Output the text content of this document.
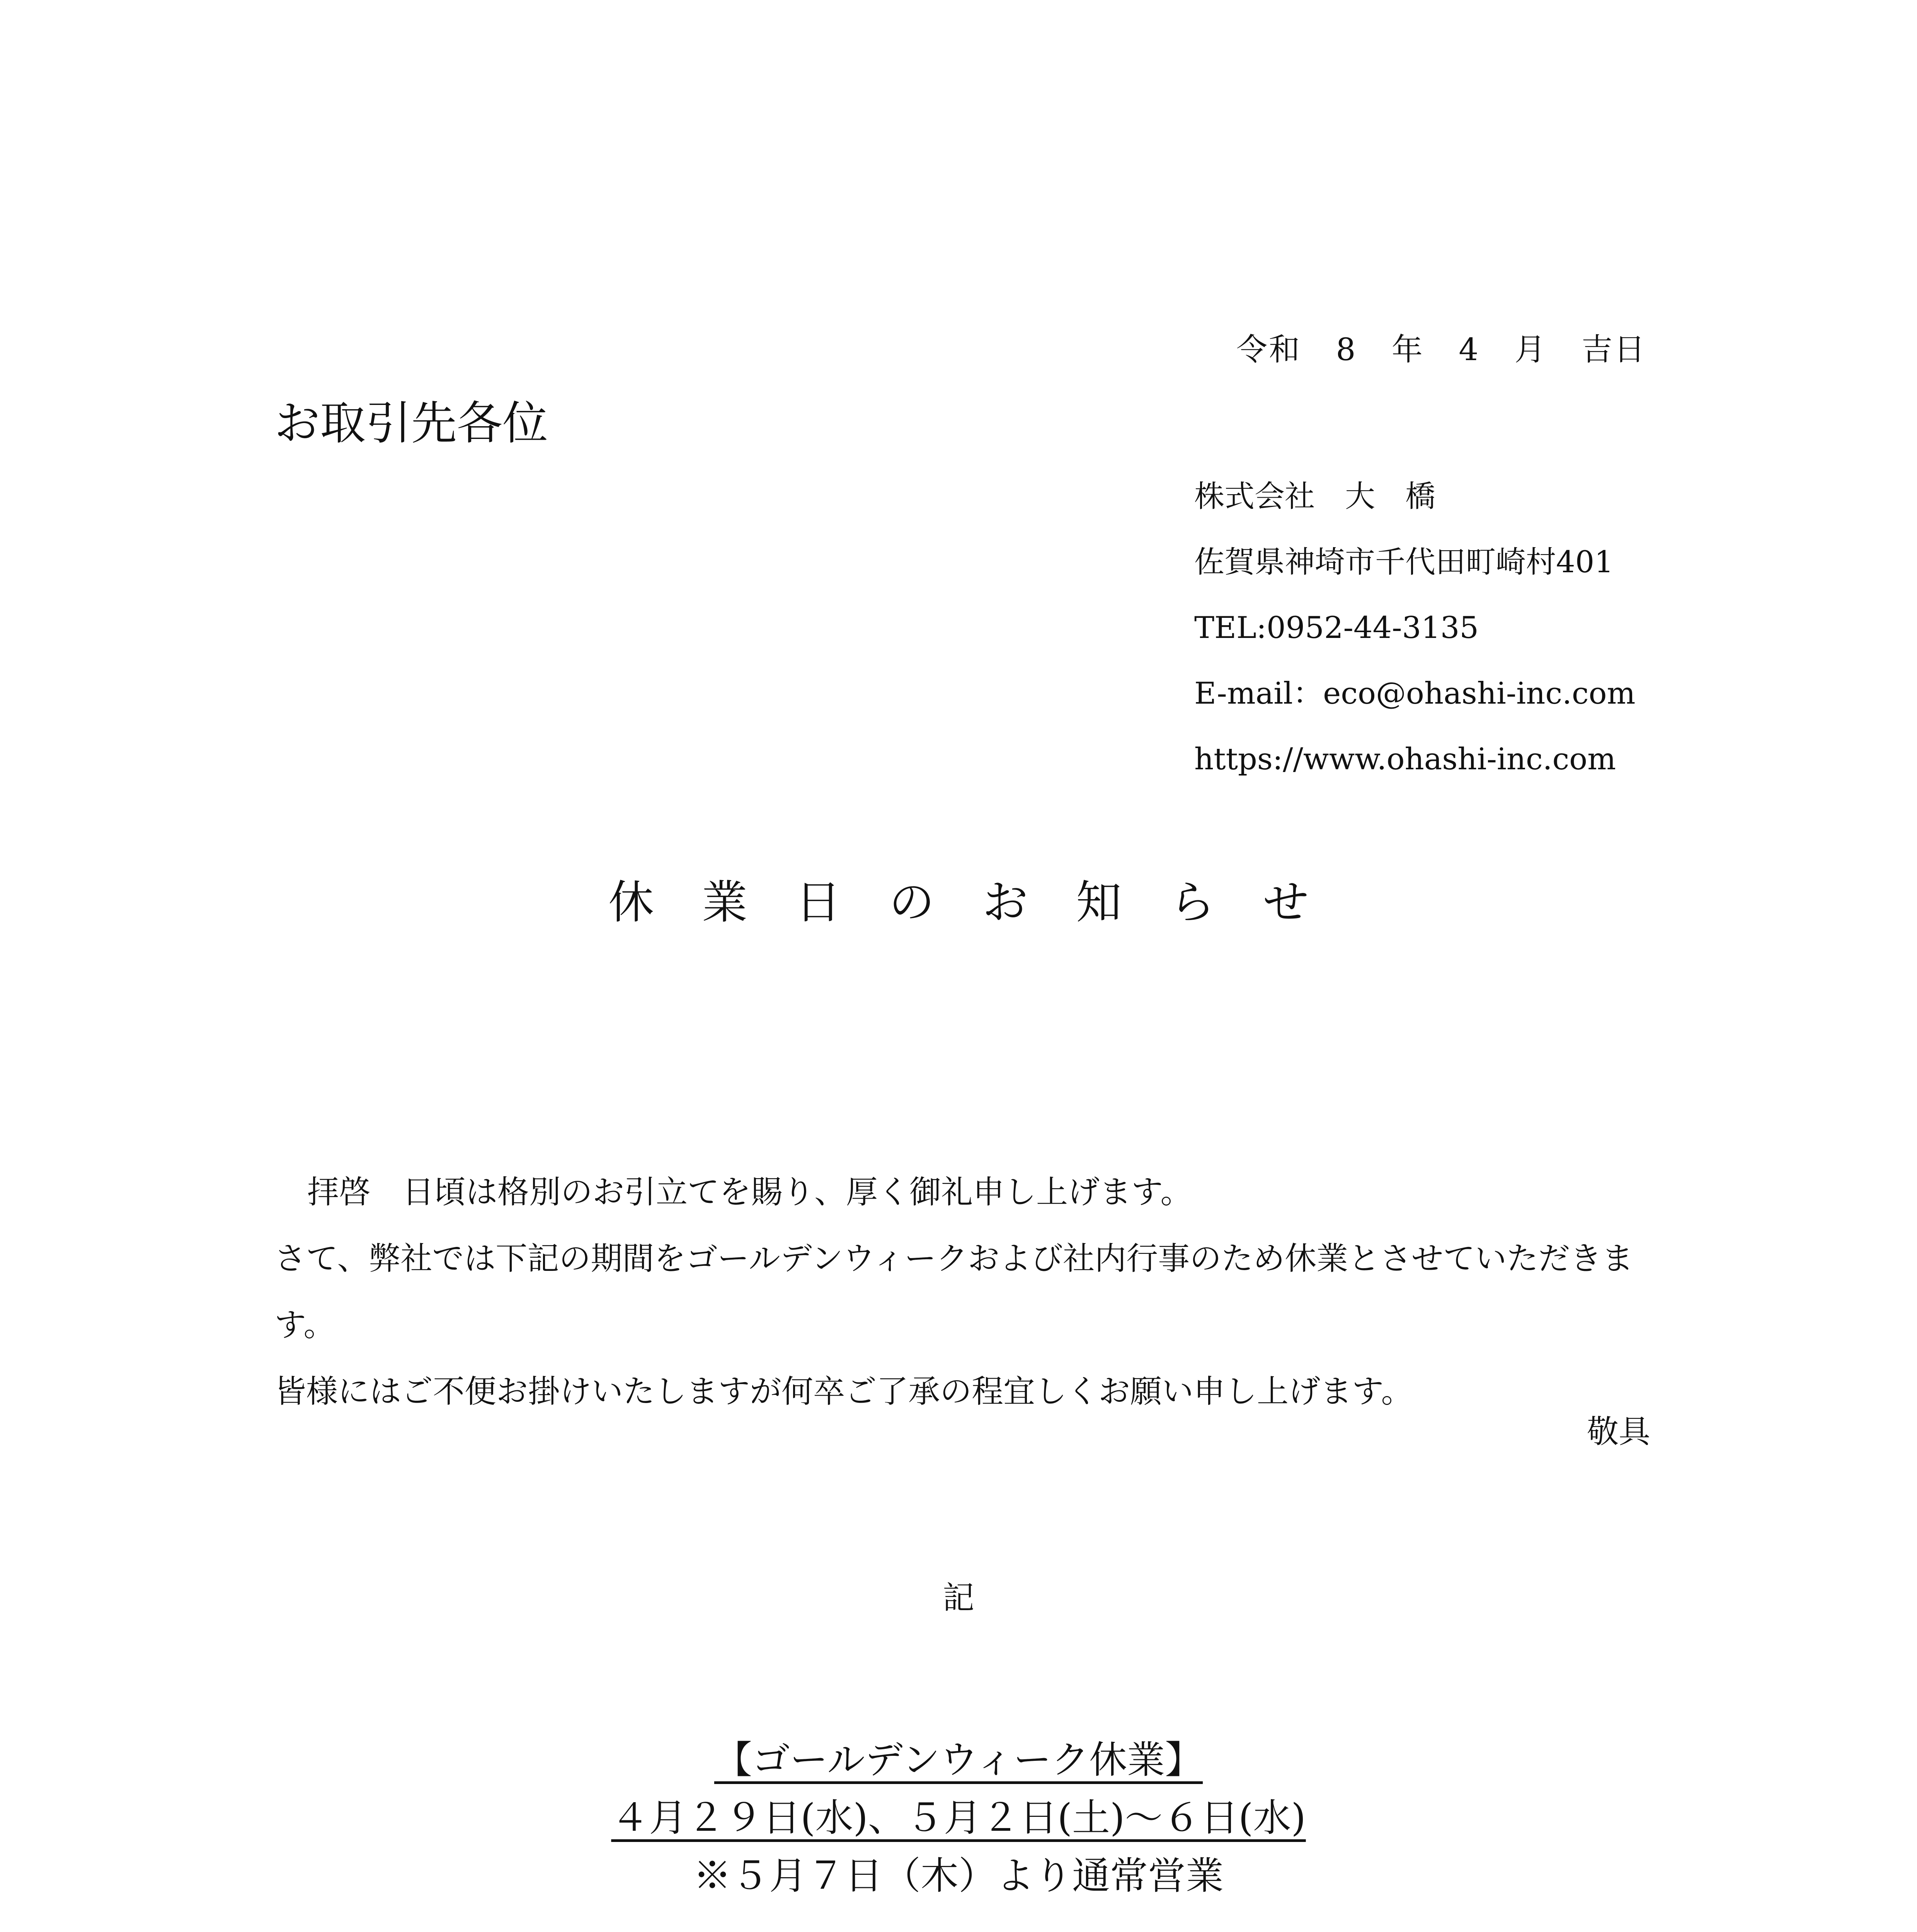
令和 8 年 4 月 吉日
お取引先各位
株式会社　大　橋
佐賀県神埼市千代田町崎村401
TEL:0952-44-3135
E-mail：eco@ohashi-inc.com
https://www.ohashi-inc.com
休 業 日 の お 知 ら せ

拝啓　日頃は格別のお引立てを賜り、厚く御礼申し上げます。

さて、弊社では下記の期間をゴールデンウィークおよび社内行事のため休業とさせていただきます。

皆様にはご不便お掛けいたしますが何卒ご了承の程宜しくお願い申し上げます。

敬具
記
【ゴールデンウィーク休業】
４月２９日(水)、５月２日(土)～６日(水)
※５月７日（木）より通常営業
